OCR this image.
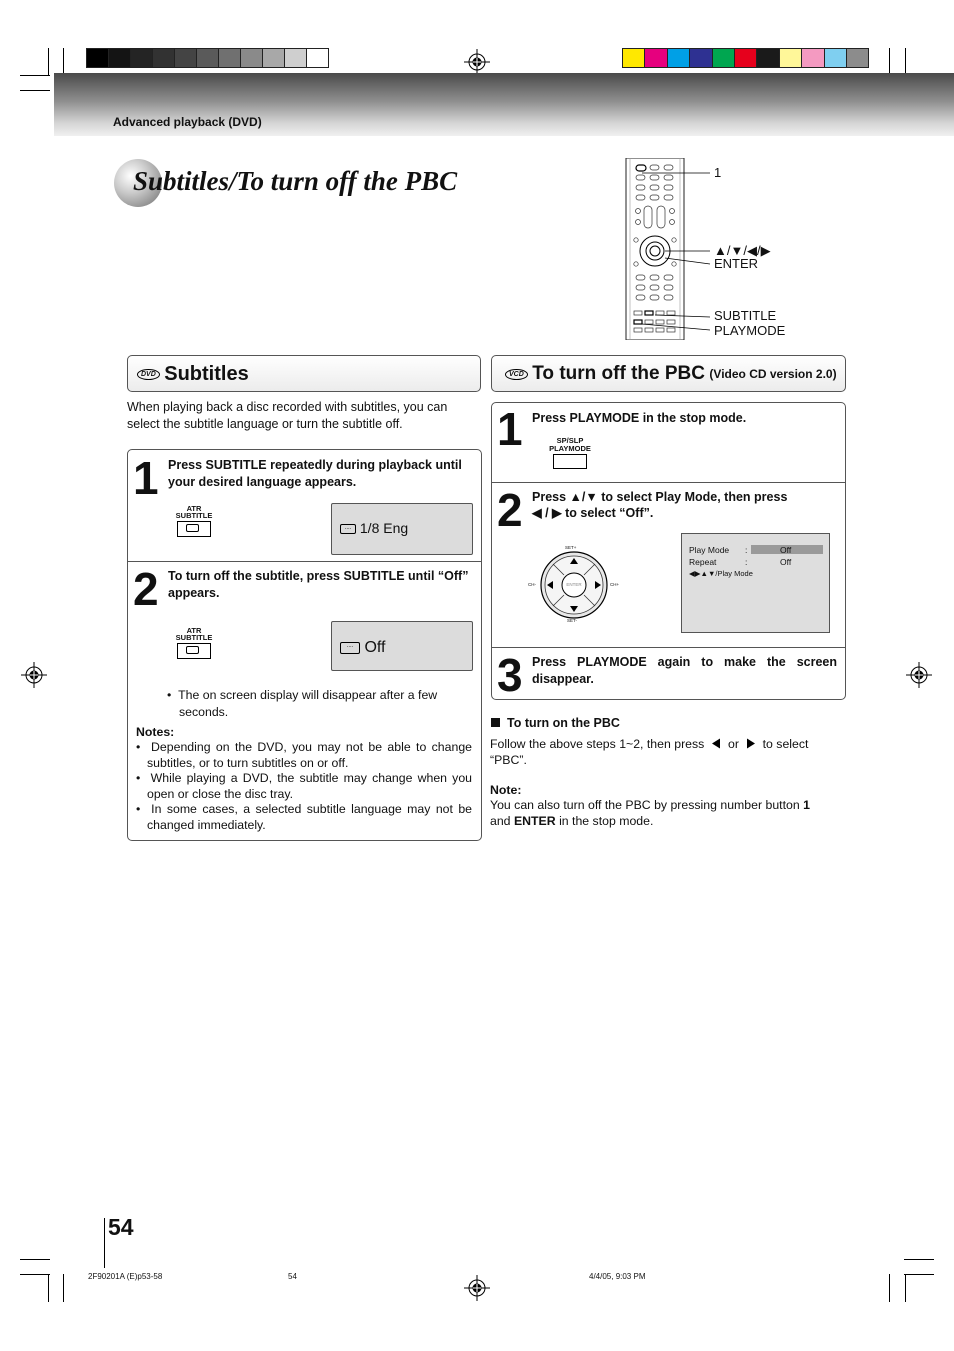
Advanced playback (DVD)
Subtitles/To turn off the PBC	1
▲/▼/◀/▶
ENTER
SUBTITLE
PLAYMODE
DVD Subtitles
When playing back a disc recorded with subtitles, you can select the subtitle language or turn the subtitle off.
1 Press SUBTITLE repeatedly during playback until your desired language appears.
ATR
SUBTITLE
.... 1/8 Eng
2 To turn off the subtitle, press SUBTITLE until “Off” appears.
ATR
SUBTITLE
.... Off
•  The on screen display will disappear after a few seconds.
Notes:
•  Depending on the DVD, you may not be able to change subtitles, or to turn subtitles on or off.
•  While playing a DVD, the subtitle may change when you open or close the disc tray.
•  In some cases, a selected subtitle language may not be changed immediately.
VCD To turn off the PBC (Video CD version 2.0)
1 Press PLAYMODE in the stop mode.
SP/SLP
PLAYMODE
2 Press ▲/▼ to select Play Mode, then press
◀ / ▶ to select “Off”.
SET+
SET-
CH-	CH+
ENTER
Play Mode :	Off
Repeat	:	Off
◀▶▲▼/Play Mode
3 Press PLAYMODE again to make the screen disappear.
To turn on the PBC
Follow the above steps 1~2, then press or to select
“PBC”.
Note:
You can also turn off the PBC by pressing number button 1
and ENTER in the stop mode.
54
2F90201A (E)p53-58	54	4/4/05, 9:03 PM
